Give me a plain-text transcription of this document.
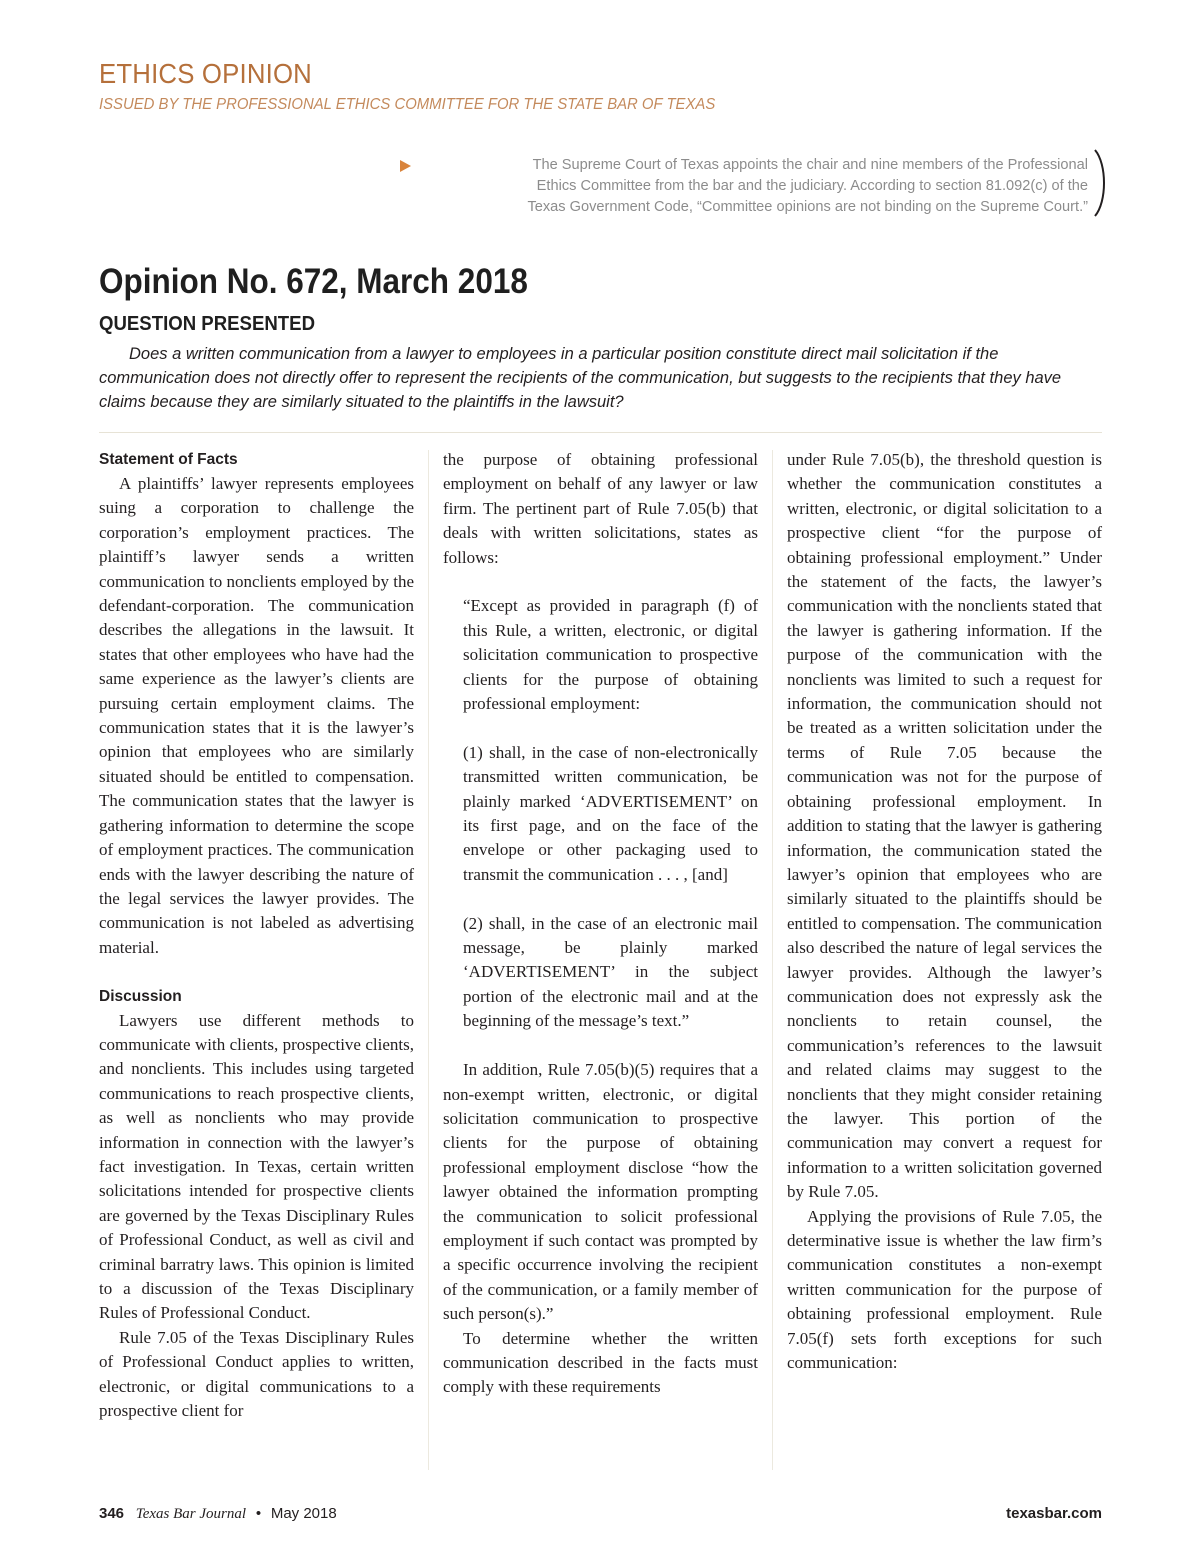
ETHICS OPINION
ISSUED BY THE PROFESSIONAL ETHICS COMMITTEE FOR THE STATE BAR OF TEXAS
The Supreme Court of Texas appoints the chair and nine members of the Professional
Ethics Committee from the bar and the judiciary. According to section 81.092(c) of the
Texas Government Code, “Committee opinions are not binding on the Supreme Court.”
Opinion No. 672, March 2018
QUESTION PRESENTED
Does a written communication from a lawyer to employees in a particular position constitute direct mail solicitation if the communication does not directly offer to represent the recipients of the communication, but suggests to the recipients that they have claims because they are similarly situated to the plaintiffs in the lawsuit?
Statement of Facts

A plaintiffs’ lawyer represents employees suing a corporation to challenge the corporation’s employment practices. The plaintiff’s lawyer sends a written communication to nonclients employed by the defendant-corporation. The communication describes the allegations in the lawsuit. It states that other employees who have had the same experience as the lawyer’s clients are pursuing certain employment claims. The communication states that it is the lawyer’s opinion that employees who are similarly situated should be entitled to compensation. The communication states that the lawyer is gathering information to determine the scope of employment practices. The communication ends with the lawyer describing the nature of the legal services the lawyer provides. The communication is not labeled as advertising material.

Discussion

Lawyers use different methods to communicate with clients, prospective clients, and nonclients. This includes using targeted communications to reach prospective clients, as well as nonclients who may provide information in connection with the lawyer’s fact investigation. In Texas, certain written solicitations intended for prospective clients are governed by the Texas Disciplinary Rules of Professional Conduct, as well as civil and criminal barratry laws. This opinion is limited to a discussion of the Texas Disciplinary Rules of Professional Conduct.

Rule 7.05 of the Texas Disciplinary Rules of Professional Conduct applies to written, electronic, or digital communications to a prospective client for

the purpose of obtaining professional employment on behalf of any lawyer or law firm. The pertinent part of Rule 7.05(b) that deals with written solicitations, states as follows:

“Except as provided in paragraph (f) of this Rule, a written, electronic, or digital solicitation communication to prospective clients for the purpose of obtaining professional employment:

(1) shall, in the case of non-electronically transmitted written communication, be plainly marked ‘ADVERTISEMENT’ on its first page, and on the face of the envelope or other packaging used to transmit the communication . . . , [and]

(2) shall, in the case of an electronic mail message, be plainly marked ‘ADVERTISEMENT’ in the subject portion of the electronic mail and at the beginning of the message’s text.”

In addition, Rule 7.05(b)(5) requires that a non-exempt written, electronic, or digital solicitation communication to prospective clients for the purpose of obtaining professional employment disclose “how the lawyer obtained the information prompting the communication to solicit professional employment if such contact was prompted by a specific occurrence involving the recipient of the communication, or a family member of such person(s).”

To determine whether the written communication described in the facts must comply with these requirements

under Rule 7.05(b), the threshold question is whether the communication constitutes a written, electronic, or digital solicitation to a prospective client “for the purpose of obtaining professional employment.” Under the statement of the facts, the lawyer’s communication with the nonclients stated that the lawyer is gathering information. If the purpose of the communication with the nonclients was limited to such a request for information, the communication should not be treated as a written solicitation under the terms of Rule 7.05 because the communication was not for the purpose of obtaining professional employment. In addition to stating that the lawyer is gathering information, the communication stated the lawyer’s opinion that employees who are similarly situated to the plaintiffs should be entitled to compensation. The communication also described the nature of legal services the lawyer provides. Although the lawyer’s communication does not expressly ask the nonclients to retain counsel, the communication’s references to the lawsuit and related claims may suggest to the nonclients that they might consider retaining the lawyer. This portion of the communication may convert a request for information to a written solicitation governed by Rule 7.05.

Applying the provisions of Rule 7.05, the determinative issue is whether the law firm’s communication constitutes a non-exempt written communication for the purpose of obtaining professional employment. Rule 7.05(f) sets forth exceptions for such communication:

346 Texas Bar Journal • May 2018	texasbar.com
